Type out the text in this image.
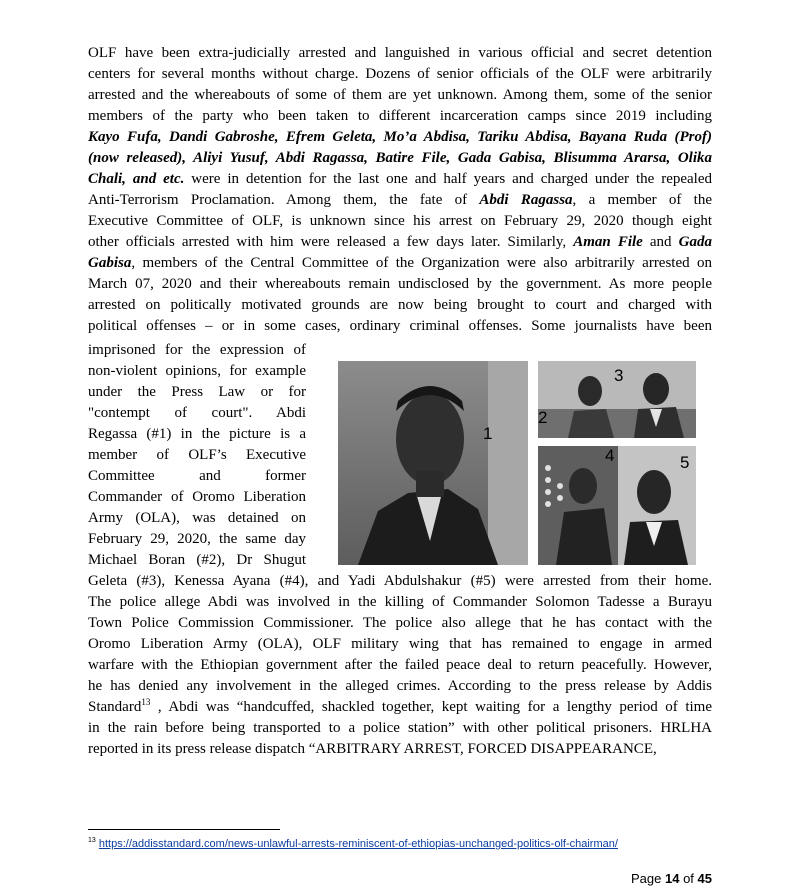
OLF have been extra-judicially arrested and languished in various official and secret detention
centers for several months without charge. Dozens of senior officials of the OLF were arbitrarily
arrested and the whereabouts of some of them are yet unknown. Among them, some of the senior
members of the party who been taken to different incarceration camps since 2019 including
Kayo Fufa, Dandi Gabroshe, Efrem Geleta, Mo’a Abdisa, Tariku Abdisa, Bayana Ruda (Prof)
(now released), Aliyi Yusuf, Abdi Ragassa, Batire File, Gada Gabisa, Blisumma Ararsa, Olika
Chali, and etc. were in detention for the last one and half years and charged under the repealed
Anti-Terrorism Proclamation. Among them, the fate of Abdi Ragassa, a member of the
Executive Committee of OLF, is unknown since his arrest on February 29, 2020 though eight
other officials arrested with him were released a few days later. Similarly, Aman File and Gada
Gabisa, members of the Central Committee of the Organization were also arbitrarily arrested on
March 07, 2020 and their whereabouts remain undisclosed by the government. As more people
arrested on politically motivated grounds are now being brought to court and charged with
political offenses – or in some cases, ordinary criminal offenses. Some journalists have been
imprisoned for the expression of
non-violent opinions, for example
under the Press Law or for
"contempt of court". Abdi
Regassa (#1) in the picture is a
member of OLF’s Executive
Committee and former
Commander of Oromo Liberation
Army (OLA), was detained on
February 29, 2020, the same day
Michael Boran (#2), Dr Shugut
Geleta (#3), Kenessa Ayana (#4), and Yadi Abdulshakur (#5) were arrested from their home.
The police allege Abdi was involved in the killing of Commander Solomon Tadesse a Burayu
Town Police Commission Commissioner. The police also allege that he has contact with the
Oromo Liberation Army (OLA), OLF military wing that has remained to engage in armed
warfare with the Ethiopian government after the failed peace deal to return peacefully. However,
he has denied any involvement in the alleged crimes. According to the press release by Addis
Standard$^{13}$ , Abdi was “handcuffed, shackled together, kept waiting for a lengthy period of time
in the rain before being transported to a police station” with other political prisoners. HRLHA
reported in its press release dispatch “ARBITRARY ARREST, FORCED DISAPPEARANCE,
1
2
3
4	5
$^{13}$ https://addisstandard.com/news-unlawful-arrests-reminiscent-of-ethiopias-unchanged-politics-olf-chairman/
Page 14 of 45
